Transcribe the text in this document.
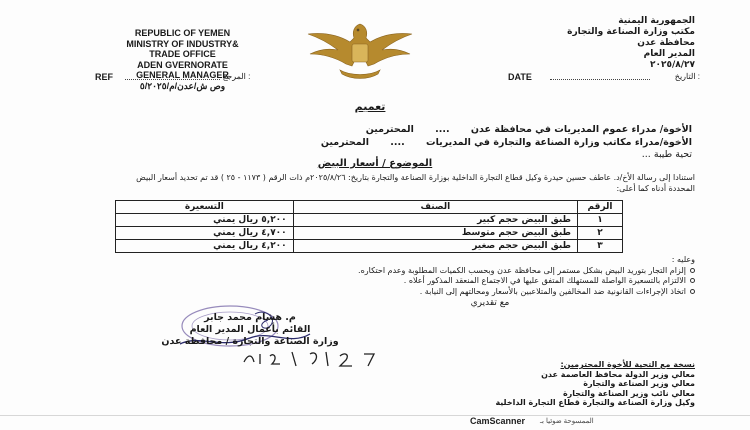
REPUBLIC OF YEMEN
MINISTRY OF INDUSTRY&
TRADE OFFICE
ADEN GVERNORATE
GENERAL MANAGER
وص ش/عدن/م/٥/٢٠٢٥
REF	المرجع :
الجمهورية اليمنية
مكتب وزارة الصناعة والتجارة
محافظة عدن
المدير العام
٢٠٢٥/٨/٢٧
DATE	التاريخ :
تعميم
الأخوة/ مدراء عموم المديريات في محافظة عدن .... المحترمين
الأخوة/مدراء مكاتب وزارة الصناعة والتجارة في المديريات .... المحترمين
تحية طيبة ...
الموضوع / أسعار البيض
استنادا إلى رسالة الأخ/د. عاطف حسين حيدرة وكيل قطاع التجارة الداخلية بوزارة الصناعة والتجارة بتاريخ: ٢٠٢٥/٨/٢٦م ذات الرقم ( ١١٧٣ - ٢٥ ) قد تم تحديد أسعار البيض المحددة أدناه كما أعلى:
الرقم	الصنف	التسعيرة
١	طبق البيض حجم كبير	٥,٢٠٠ ريال يمني
٢	طبق البيض حجم متوسط	٤,٧٠٠ ريال يمني
٣	طبق البيض حجم صغير	٤,٢٠٠ ريال يمني
وعليه :
إلزام التجار بتوريد البيض بشكل مستمر إلى محافظة عدن وبحسب الكميات المطلوبة وعدم احتكاره.
الالتزام بالتسعيرة الواصلة للمستهلك المتفق عليها في الاجتماع المنعقد المذكور أعلاه .
اتخاذ الإجراءات القانونية ضد المخالفين والمتلاعبين بالأسعار ومحالتهم إلى النيابة .
مع تقديري
م. هشام محمد جابر
القائم بأعمال المدير العام
وزارة الصناعة والتجارة / محافظة عدن
نسخة مع التحية للأخوة المحترمين:
معالي وزير الدولة محافظ العاصمة عدن
معالي وزير الصناعة والتجارة
معالي نائب وزير الصناعة والتجارة
وكيل وزارة الصناعة والتجارة قطاع التجارة الداخلية
CamScanner الممسوحة ضوئيا بـ
